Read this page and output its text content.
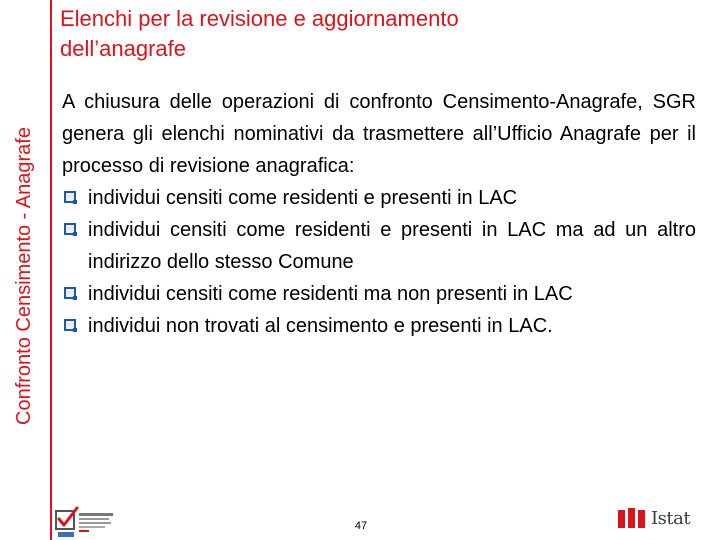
Confronto Censimento - Anagrafe
Elenchi per la revisione e aggiornamento
dell’anagrafe

A chiusura delle operazioni di confronto Censimento-Anagrafe, SGR genera gli elenchi nominativi da trasmettere all’Ufficio Anagrafe per il processo di revisione anagrafica:

individui censiti come residenti e presenti in LAC
individui censiti come residenti e presenti in LAC ma ad un altro indirizzo dello stesso Comune
individui censiti come residenti ma non presenti in LAC
individui non trovati al censimento e presenti in LAC.
47	Istat
